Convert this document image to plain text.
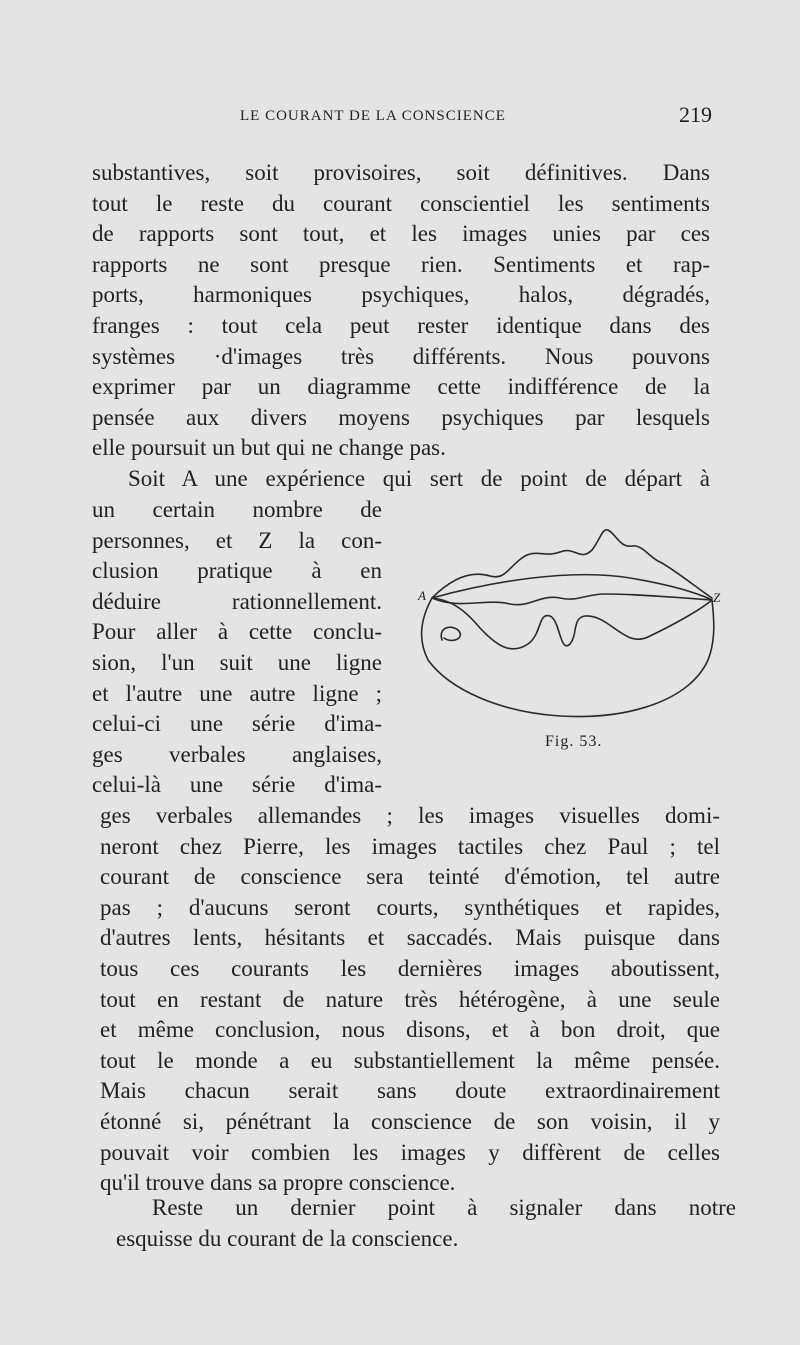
LE COURANT DE LA CONSCIENCE	219
substantives, soit provisoires, soit définitives. Dans
tout le reste du courant conscientiel les sentiments
de rapports sont tout, et les images unies par ces
rapports ne sont presque rien. Sentiments et rap-
ports, harmoniques psychiques, halos, dégradés,
franges : tout cela peut rester identique dans des
systèmes ·d'images très différents. Nous pouvons
exprimer par un diagramme cette indifférence de la
pensée aux divers moyens psychiques par lesquels
elle poursuit un but qui ne change pas.
Soit A une expérience qui sert de point de départ à
un certain nombre de
personnes, et Z la con-
clusion pratique à en
déduire rationnellement.
Pour aller à cette conclu-
sion, l'un suit une ligne
et l'autre une autre ligne ;
celui-ci une série d'ima-
ges verbales anglaises,
celui-là une série d'ima-
ges verbales allemandes ; les images visuelles domi-
neront chez Pierre, les images tactiles chez Paul ; tel
courant de conscience sera teinté d'émotion, tel autre
pas ; d'aucuns seront courts, synthétiques et rapides,
d'autres lents, hésitants et saccadés. Mais puisque dans
tous ces courants les dernières images aboutissent,
tout en restant de nature très hétérogène, à une seule
et même conclusion, nous disons, et à bon droit, que
tout le monde a eu substantiellement la même pensée.
Mais chacun serait sans doute extraordinairement
étonné si, pénétrant la conscience de son voisin, il y
pouvait voir combien les images y diffèrent de celles
qu'il trouve dans sa propre conscience.
Reste un dernier point à signaler dans notre
esquisse du courant de la conscience.
A	Z
Fig. 53.
